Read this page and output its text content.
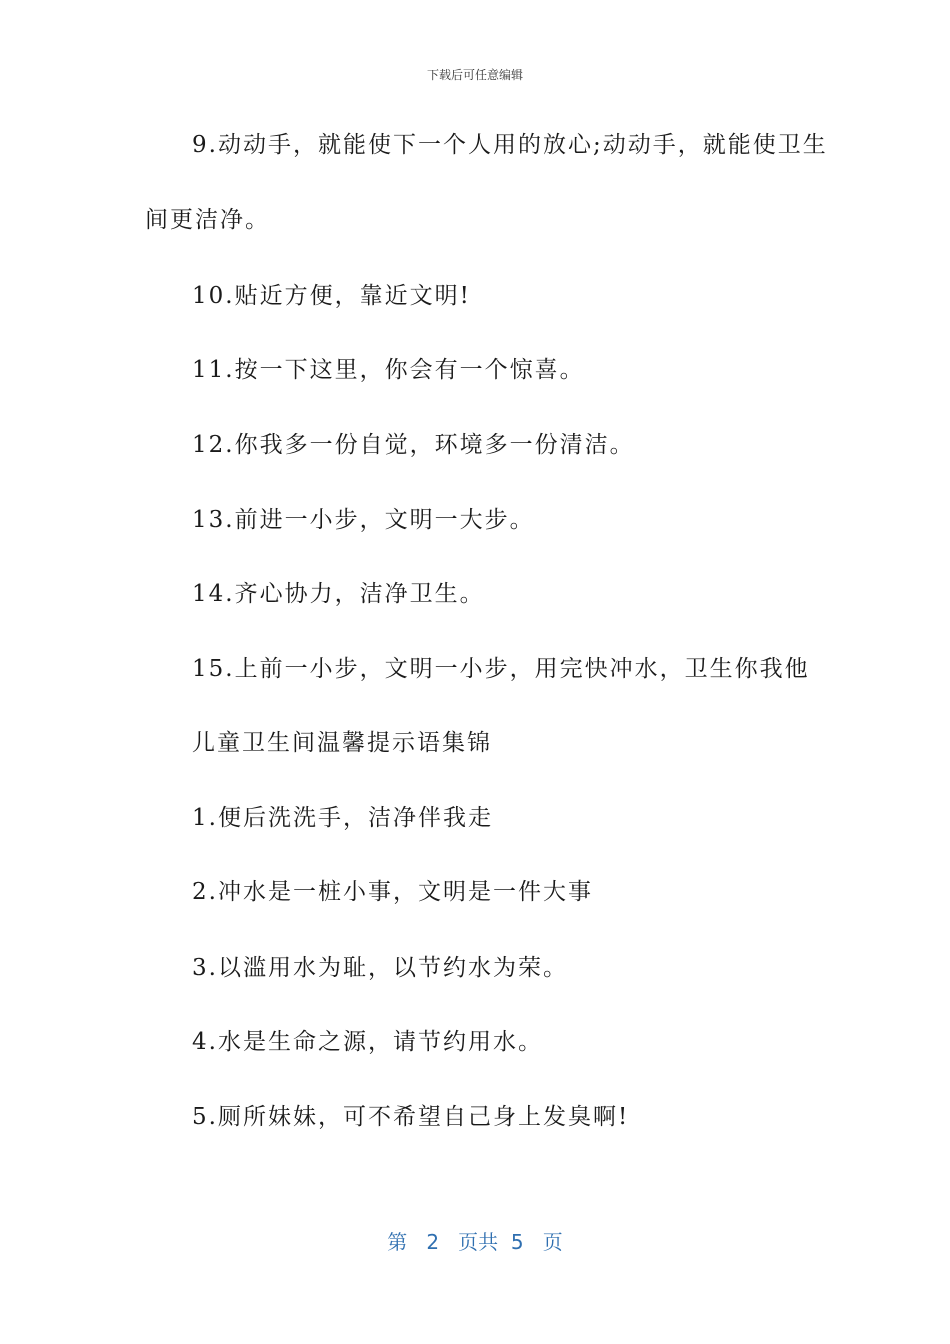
下载后可任意编辑
9.动动手，就能使下一个人用的放心;动动手，就能使卫生
间更洁净。
10.贴近方便，靠近文明!
11.按一下这里，你会有一个惊喜。
12.你我多一份自觉，环境多一份清洁。
13.前进一小步，文明一大步。
14.齐心协力，洁净卫生。
15.上前一小步，文明一小步，用完快冲水，卫生你我他
儿童卫生间温馨提示语集锦
1.便后洗洗手，洁净伴我走
2.冲水是一桩小事，文明是一件大事
3.以滥用水为耻，以节约水为荣。
4.水是生命之源，请节约用水。
5.厕所妹妹，可不希望自己身上发臭啊!
第 2 页共 5 页
